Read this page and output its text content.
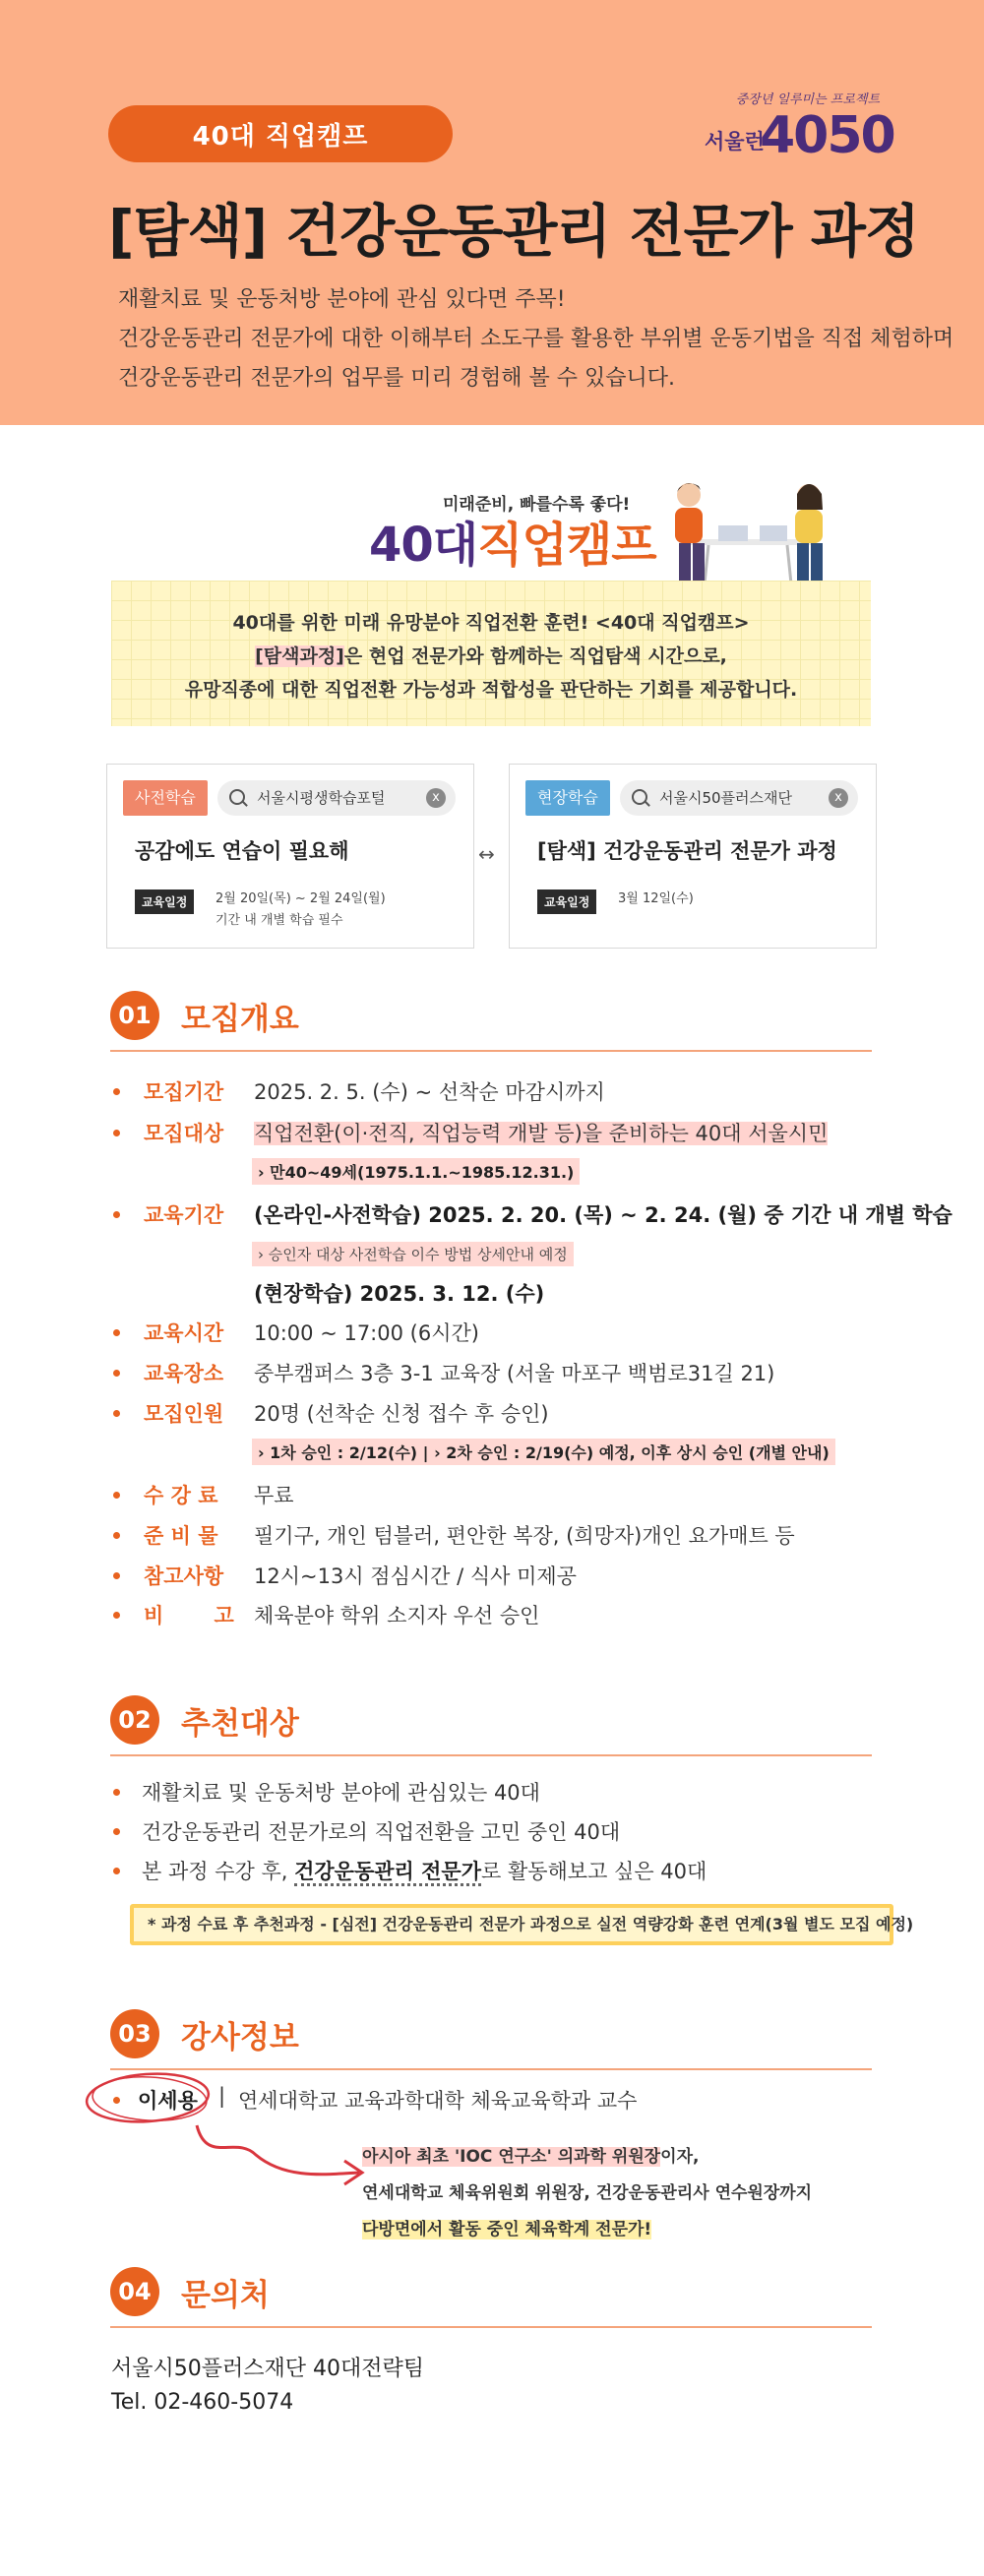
40대 직업캠프
중장년 일루미는 프로젝트
서울런
4050
[탐색] 건강운동관리 전문가 과정

재활치료 및 운동처방 분야에 관심 있다면 주목!
건강운동관리 전문가에 대한 이해부터 소도구를 활용한 부위별 운동기법을 직접 체험하며
건강운동관리 전문가의 업무를 미리 경험해 볼 수 있습니다.

미래준비, 빠를수록 좋다!
40대직업캠프
40대를 위한 미래 유망분야 직업전환 훈련! <40대 직업캠프>
[탐색과정]은 현업 전문가와 함께하는 직업탐색 시간으로,
유망직종에 대한 직업전환 가능성과 적합성을 판단하는 기회를 제공합니다.
사전학습	서울시평생학습포털	x
공감에도 연습이 필요해
교육일정	2월 20일(목) ~ 2월 24일(월)
기간 내 개별 학습 필수
↔
현장학습	서울시50플러스재단	x
[탐색] 건강운동관리 전문가 과정
교육일정	3월 12일(수)
01 모집개요
모집기간 2025. 2. 5. (수) ~ 선착순 마감시까지
모집대상 직업전환(이·전직, 직업능력 개발 등)을 준비하는 40대 서울시민
› 만40~49세(1975.1.1.~1985.12.31.)
교육기간 (온라인-사전학습) 2025. 2. 20. (목) ~ 2. 24. (월) 중 기간 내 개별 학습
› 승인자 대상 사전학습 이수 방법 상세안내 예정
(현장학습) 2025. 3. 12. (수)
교육시간 10:00 ~ 17:00 (6시간)
교육장소 중부캠퍼스 3층 3-1 교육장 (서울 마포구 백범로31길 21)
모집인원 20명 (선착순 신청 접수 후 승인)
› 1차 승인 : 2/12(수) | › 2차 승인 : 2/19(수) 예정, 이후 상시 승인 (개별 안내)
수 강 료 무료
준 비 물 필기구, 개인 텀블러, 편안한 복장, (희망자)개인 요가매트 등
참고사항 12시~13시 점심시간 / 식사 미제공
비       고 체육분야 학위 소지자 우선 승인
02 추천대상
재활치료 및 운동처방 분야에 관심있는 40대
건강운동관리 전문가로의 직업전환을 고민 중인 40대
본 과정 수강 후, 건강운동관리 전문가로 활동해보고 싶은 40대
* 과정 수료 후 추천과정 - [심전] 건강운동관리 전문가 과정으로 실전 역량강화 훈련 연계(3월 별도 모집 예정)
03 강사정보
이세용 | 연세대학교 교육과학대학 체육교육학과 교수
아시아 최초 'IOC 연구소' 의과학 위원장이자,
연세대학교 체육위원회 위원장, 건강운동관리사 연수원장까지
다방면에서 활동 중인 체육학계 전문가!
04 문의처
서울시50플러스재단 40대전략팀
Tel. 02-460-5074
